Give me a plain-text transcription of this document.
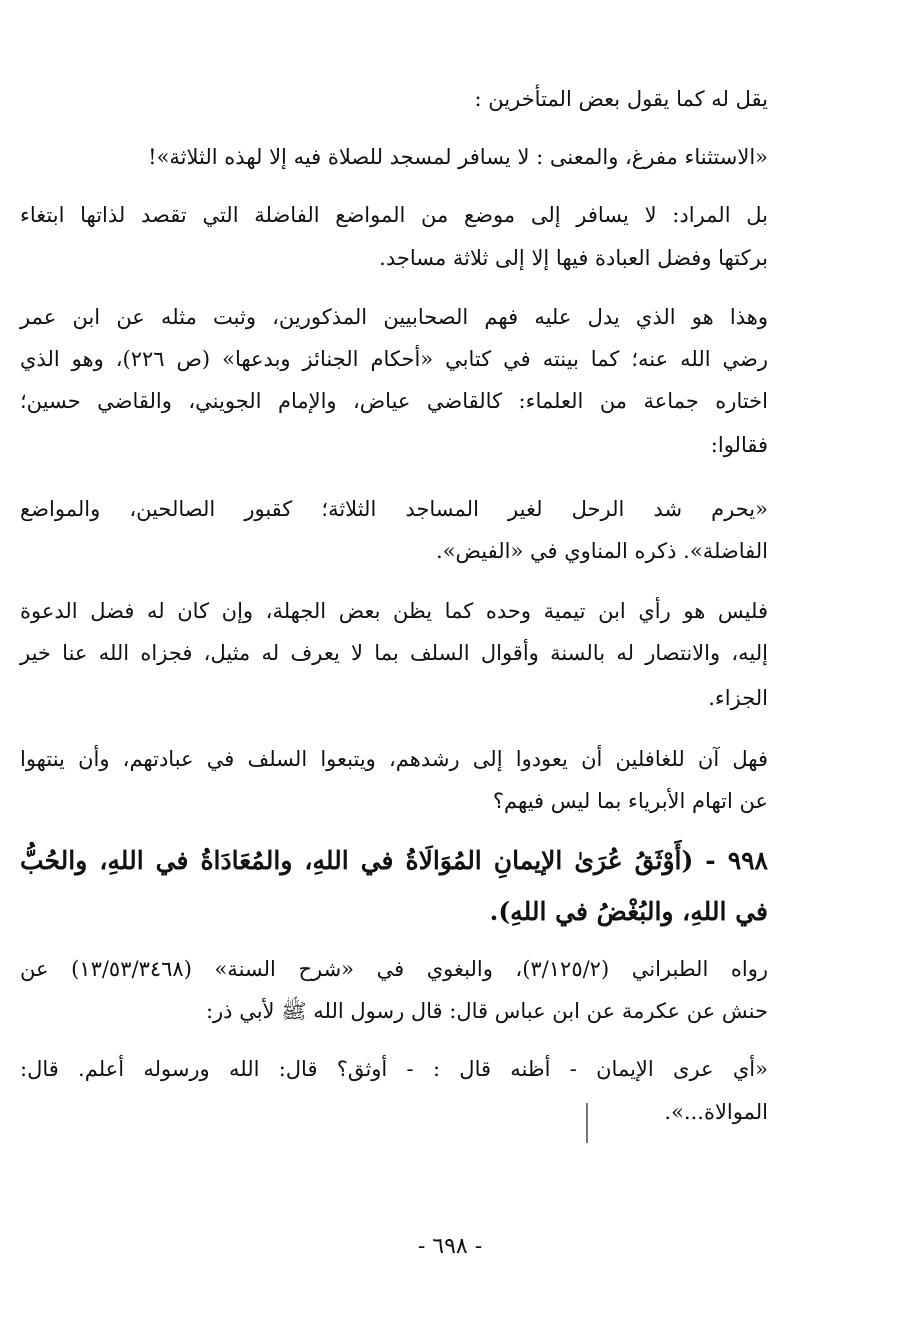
يقل له كما يقول بعض المتأخرين :

«الاستثناء مفرغ، والمعنى : لا يسافر لمسجد للصلاة فيه إلا لهذه الثلاثة»!

بل المراد: لا يسافر إلى موضع من المواضع الفاضلة التي تقصد لذاتها ابتغاء

بركتها وفضل العبادة فيها إلا إلى ثلاثة مساجد.

وهذا هو الذي يدل عليه فهم الصحابيين المذكورين، وثبت مثله عن ابن عمر

رضي الله عنه؛ كما بينته في كتابي «أحكام الجنائز وبدعها» (ص ٢٢٦)، وهو الذي

اختاره جماعة من العلماء: كالقاضي عياض، والإمام الجويني، والقاضي حسين؛

فقالوا:

«يحرم شد الرحل لغير المساجد الثلاثة؛ كقبور الصالحين، والمواضع

الفاضلة». ذكره المناوي في «الفيض».

فليس هو رأي ابن تيمية وحده كما يظن بعض الجهلة، وإن كان له فضل الدعوة

إليه، والانتصار له بالسنة وأقوال السلف بما لا يعرف له مثيل، فجزاه الله عنا خير

الجزاء.

فهل آن للغافلين أن يعودوا إلى رشدهم، ويتبعوا السلف في عبادتهم، وأن ينتهوا

عن اتهام الأبرياء بما ليس فيهم؟

٩٩٨ - (أَوْثَقُ عُرَىٰ الإيمانِ المُوَالَاةُ في اللهِ، والمُعَادَاةُ في اللهِ، والحُبُّ

في اللهِ، والبُغْضُ في اللهِ).

رواه الطبراني (٣/١٢٥/٢)، والبغوي في «شرح السنة» (١٣/٥٣/٣٤٦٨) عن

حنش عن عكرمة عن ابن عباس قال: قال رسول الله ﷺ لأبي ذر:

«أي عرى الإيمان - أظنه قال : - أوثق؟ قال: الله ورسوله أعلم. قال:

الموالاة...».

- ٦٩٨ -
